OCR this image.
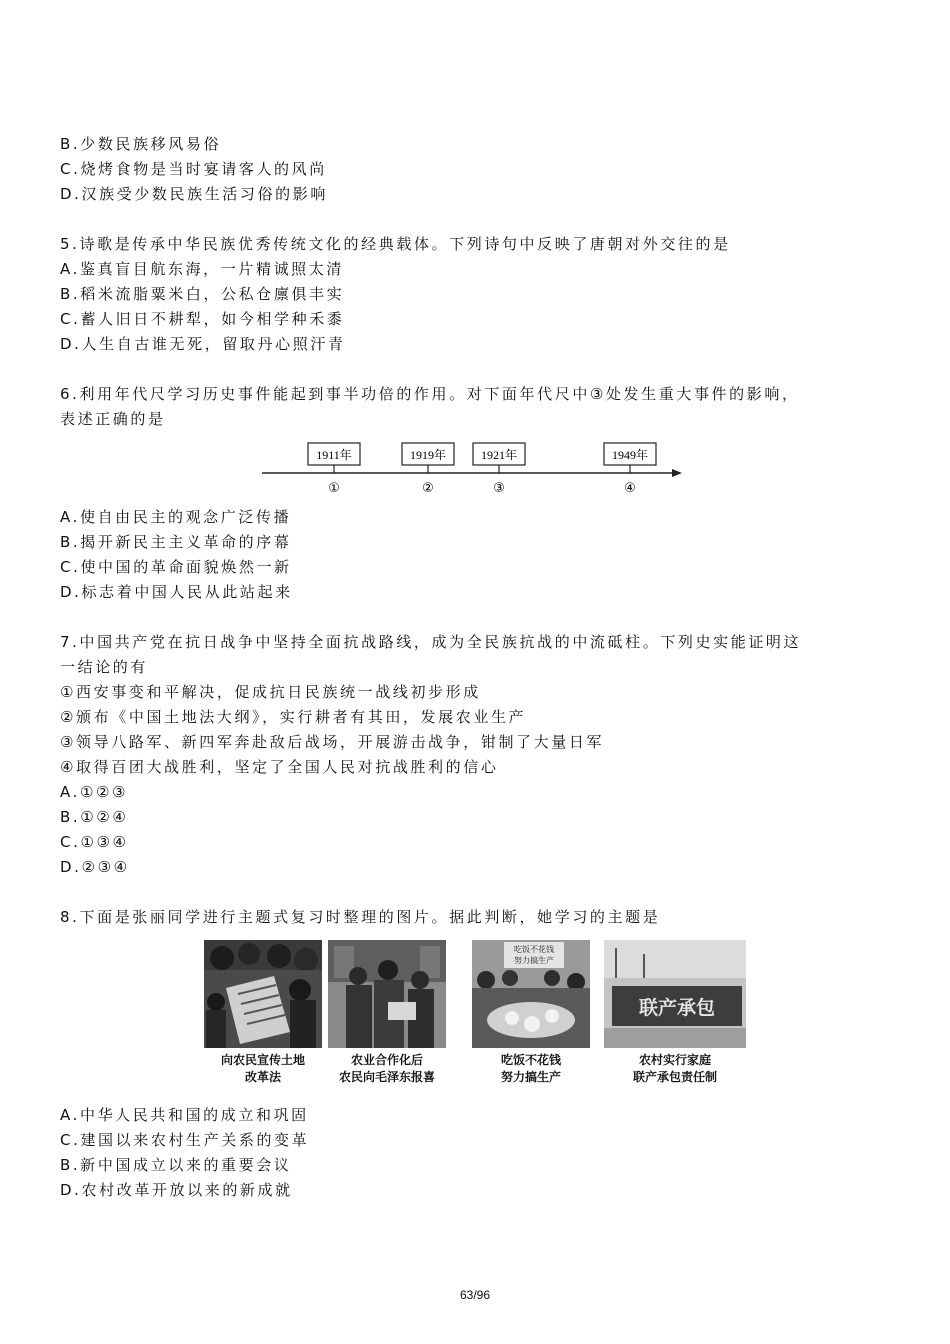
B.少数民族移风易俗
C.烧烤食物是当时宴请客人的风尚
D.汉族受少数民族生活习俗的影响
5.诗歌是传承中华民族优秀传统文化的经典载体。下列诗句中反映了唐朝对外交往的是
A.鉴真盲目航东海，一片精诚照太清
B.稻米流脂粟米白，公私仓廪俱丰实
C.蓄人旧日不耕犁，如今相学种禾黍
D.人生自古谁无死，留取丹心照汗青
6.利用年代尺学习历史事件能起到事半功倍的作用。对下面年代尺中③处发生重大事件的影响，
表述正确的是
1911年
①
1919年
②
1921年
③
1949年
④
A.使自由民主的观念广泛传播
B.揭开新民主主义革命的序幕
C.使中国的革命面貌焕然一新
D.标志着中国人民从此站起来
7.中国共产党在抗日战争中坚持全面抗战路线，成为全民族抗战的中流砥柱。下列史实能证明这
一结论的有
①西安事变和平解决，促成抗日民族统一战线初步形成
②颁布《中国土地法大纲》，实行耕者有其田，发展农业生产
③领导八路军、新四军奔赴敌后战场，开展游击战争，钳制了大量日军
④取得百团大战胜利，坚定了全国人民对抗战胜利的信心
A.①②③
B.①②④
C.①③④
D.②③④
8.下面是张丽同学进行主题式复习时整理的图片。据此判断，她学习的主题是
向农民宣传土地
改革法
农业合作化后
农民向毛泽东报喜
吃饭不花钱
努力搞生产
吃饭不花钱
努力搞生产
联产承包
农村实行家庭
联产承包责任制
A.中华人民共和国的成立和巩固
C.建国以来农村生产关系的变革
B.新中国成立以来的重要会议
D.农村改革开放以来的新成就
63/96
